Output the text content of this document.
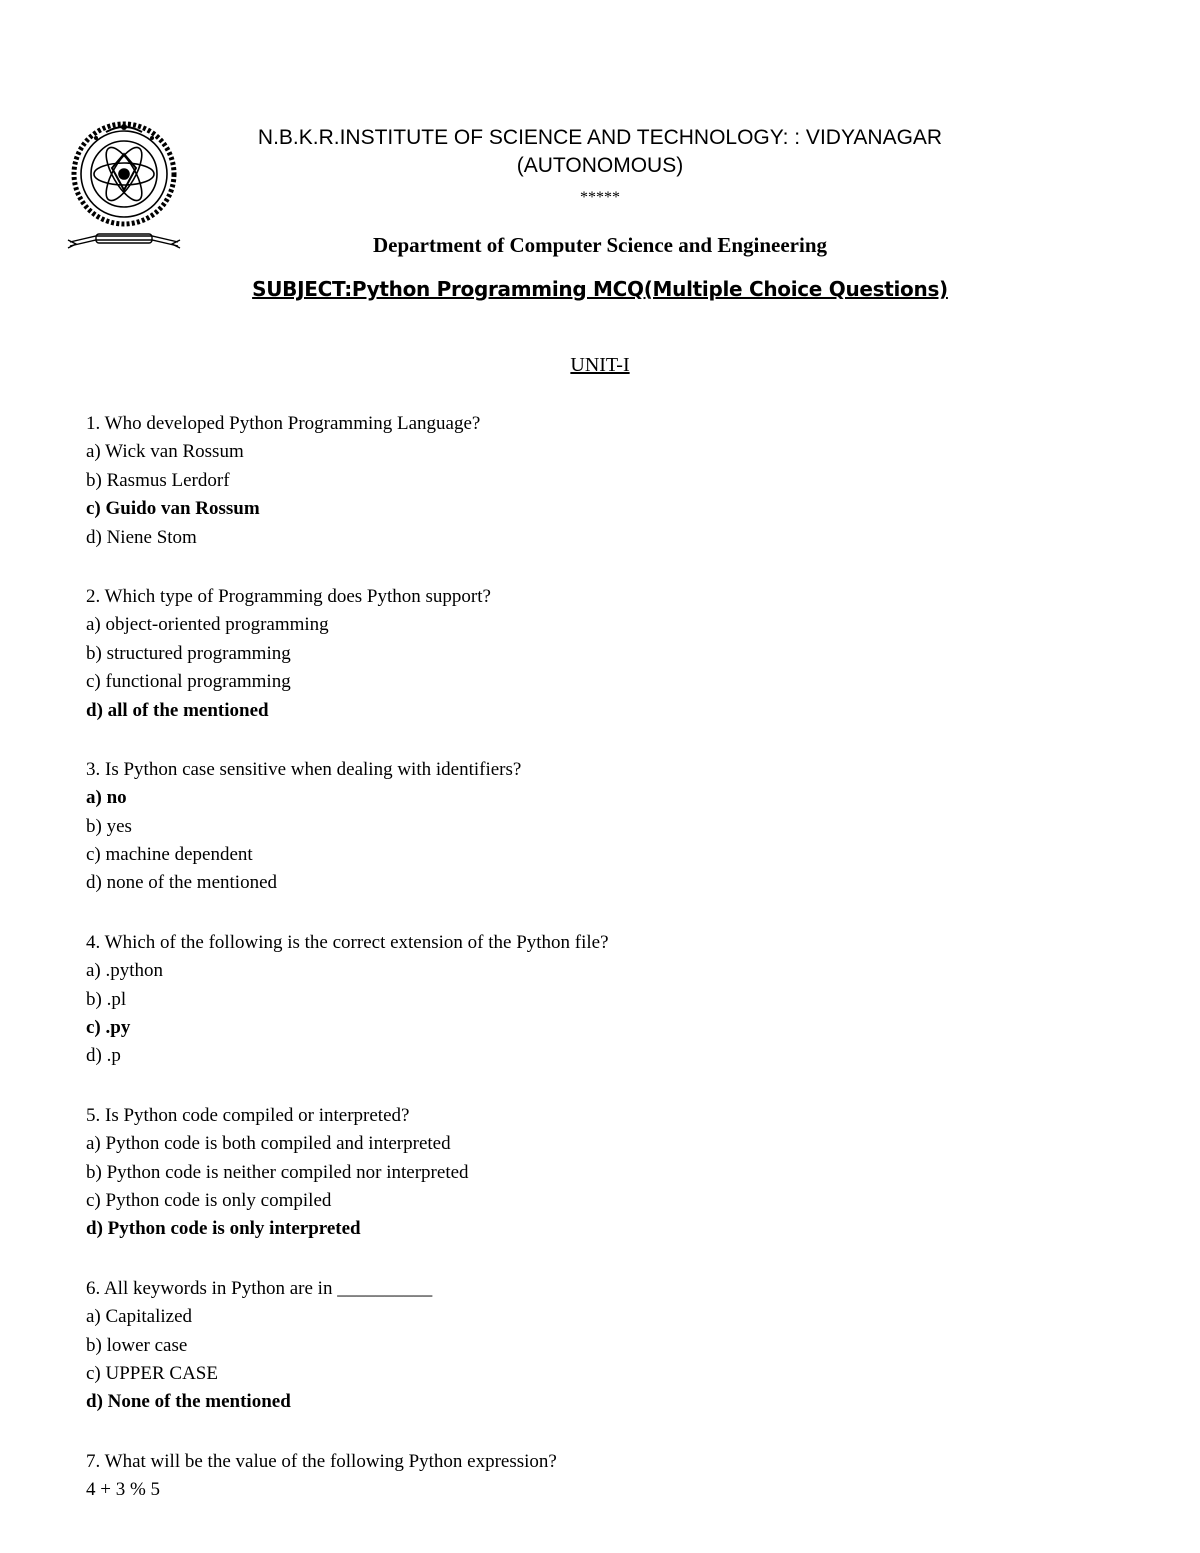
N.B.K.R.INSTITUTE OF SCIENCE AND TECHNOLOGY: : VIDYANAGAR
(AUTONOMOUS)
*****
Department of Computer Science and Engineering
SUBJECT:Python Programming MCQ(Multiple Choice Questions)
UNIT-I
1. Who developed Python Programming Language?
a) Wick van Rossum
b) Rasmus Lerdorf
c) Guido van Rossum
d) Niene Stom
2. Which type of Programming does Python support?
a) object-oriented programming
b) structured programming
c) functional programming
d) all of the mentioned
3. Is Python case sensitive when dealing with identifiers?
a) no
b) yes
c) machine dependent
d) none of the mentioned
4. Which of the following is the correct extension of the Python file?
a) .python
b) .pl
c) .py
d) .p
5. Is Python code compiled or interpreted?
a) Python code is both compiled and interpreted
b) Python code is neither compiled nor interpreted
c) Python code is only compiled
d) Python code is only interpreted
6. All keywords in Python are in __________
a) Capitalized
b) lower case
c) UPPER CASE
d) None of the mentioned
7. What will be the value of the following Python expression?
4 + 3 % 5
